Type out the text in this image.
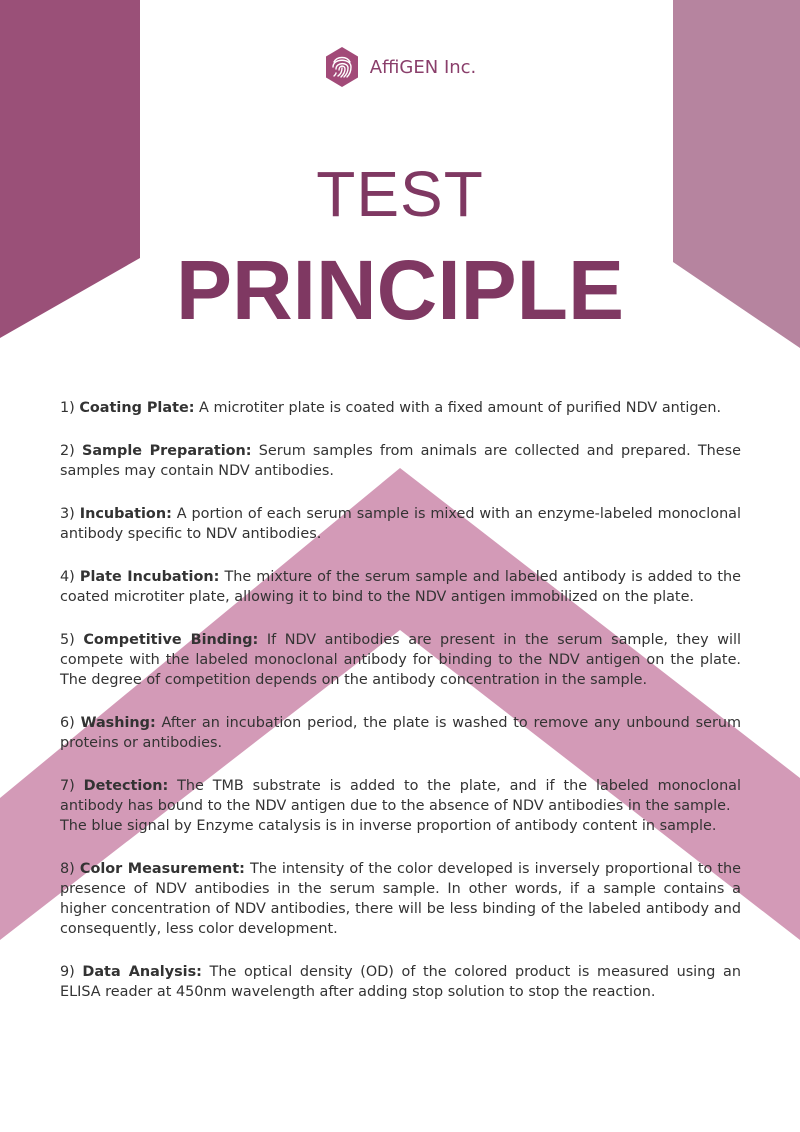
AffiGEN Inc.
TEST
PRINCIPLE

1) Coating Plate: A microtiter plate is coated with a fixed amount of purified NDV antigen.

2) Sample Preparation: Serum samples from animals are collected and prepared. These samples may contain NDV antibodies.

3) Incubation: A portion of each serum sample is mixed with an enzyme-labeled monoclonal antibody specific to NDV antibodies.

4) Plate Incubation: The mixture of the serum sample and labeled antibody is added to the coated microtiter plate, allowing it to bind to the NDV antigen immobilized on the plate.

5) Competitive Binding: If NDV antibodies are present in the serum sample, they will compete with the labeled monoclonal antibody for binding to the NDV antigen on the plate. The degree of competition depends on the antibody concentration in the sample.

6) Washing: After an incubation period, the plate is washed to remove any unbound serum proteins or antibodies.

7) Detection: The TMB substrate is added to the plate, and if the labeled monoclonal antibody has bound to the NDV antigen due to the absence of NDV antibodies in the sample.
The blue signal by Enzyme catalysis is in inverse proportion of antibody content in sample.

8) Color Measurement: The intensity of the color developed is inversely proportional to the presence of NDV antibodies in the serum sample. In other words, if a sample contains a higher concentration of NDV antibodies, there will be less binding of the labeled antibody and consequently, less color development.

9) Data Analysis: The optical density (OD) of the colored product is measured using an ELISA reader at 450nm wavelength after adding stop solution to stop the reaction.
